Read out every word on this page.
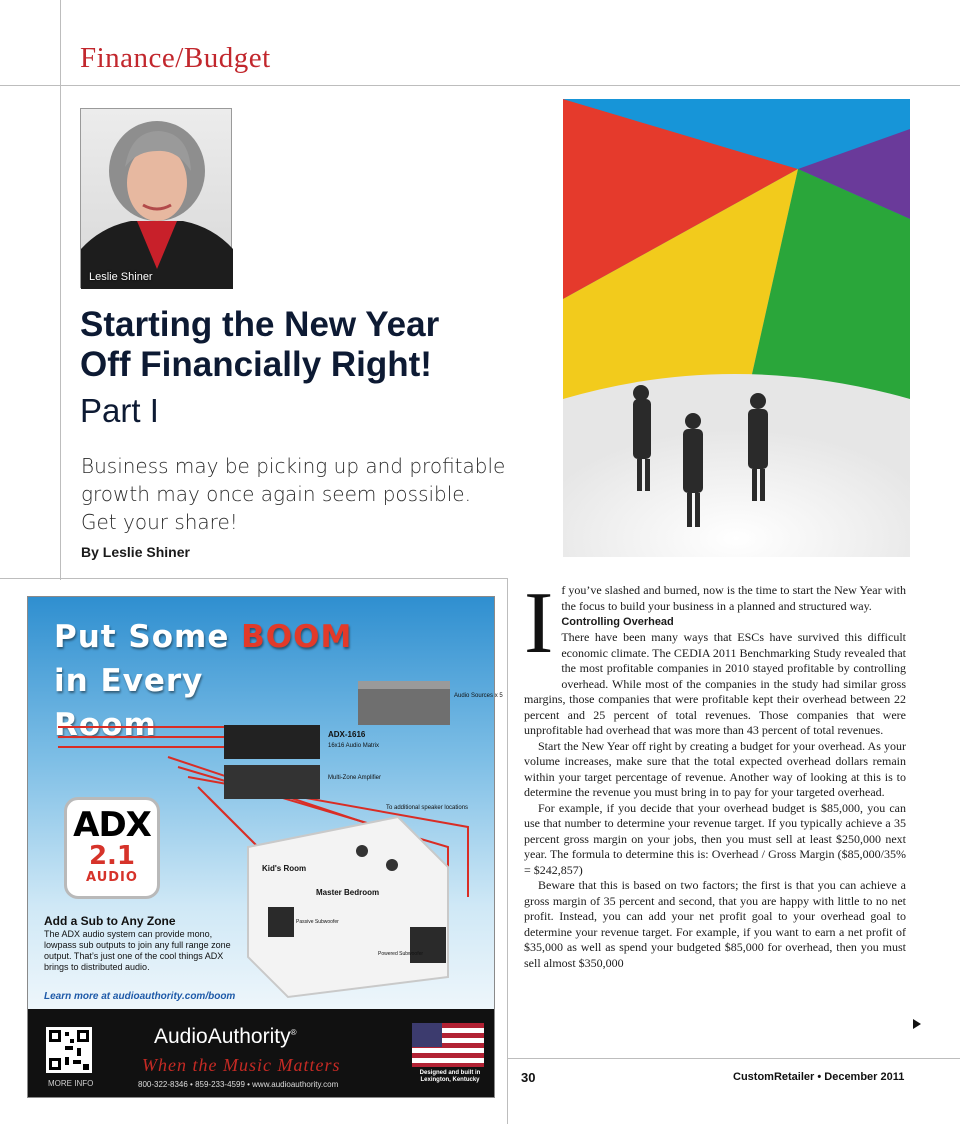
Finance/Budget
Leslie Shiner
Starting the New Year
Off Financially Right!
Part I
Business may be picking up and profitable
growth may once again seem possible.
Get your share!
By Leslie Shiner
Put Some BOOM
in Every
Room	ADX-1616
16x16 Audio Matrix
Audio Sources x 5
Multi-Zone Amplifier
To additional speaker locations
Kid's Room
Master Bedroom
Passive Subwoofer
Powered Subwoofer
ADX
2.1
AUDIO
Add a Sub to Any Zone
The ADX audio system can provide mono, lowpass sub outputs to join any full range zone output. That’s just one of the cool things ADX brings to distributed audio.
Learn more at audioauthority.com/boom
MORE INFO
AudioAuthority®
When the Music Matters
800-322-8346 • 859-233-4599 • www.audioauthority.com
Designed and built in Lexington, Kentucky
I f you’ve slashed and burned, now is the time to start the New Year with the focus to build your business in a planned and structured way.

Controlling Overhead

There have been many ways that ESCs have survived this difficult economic climate. The CEDIA 2011 Benchmarking Study revealed that the most profitable companies in 2010 stayed profitable by controlling overhead. While most of the companies in the study had similar gross margins, those companies that were profitable kept their overhead between 22 percent and 25 percent of total revenues. Those companies that were unprofitable had overhead that was more than 43 percent of total revenues.

Start the New Year off right by creating a budget for your overhead. As your volume increases, make sure that the total expected overhead dollars remain within your target percentage of revenue. Another way of looking at this is to determine the revenue you must bring in to pay for your targeted overhead.

For example, if you decide that your overhead budget is $85,000, you can use that number to determine your revenue target. If you typically achieve a 35 percent gross margin on your jobs, then you must sell at least $250,000 next year. The formula to determine this is: Overhead / Gross Margin ($85,000/35% = $242,857)

Beware that this is based on two factors; the first is that you can achieve a gross margin of 35 percent and second, that you are happy with little to no net profit. Instead, you can add your net profit goal to your overhead goal to determine your revenue target. For example, if you want to earn a net profit of $35,000 as well as spend your budgeted $85,000 for overhead, then you must sell almost $350,000

30	CustomRetailer • December 2011
